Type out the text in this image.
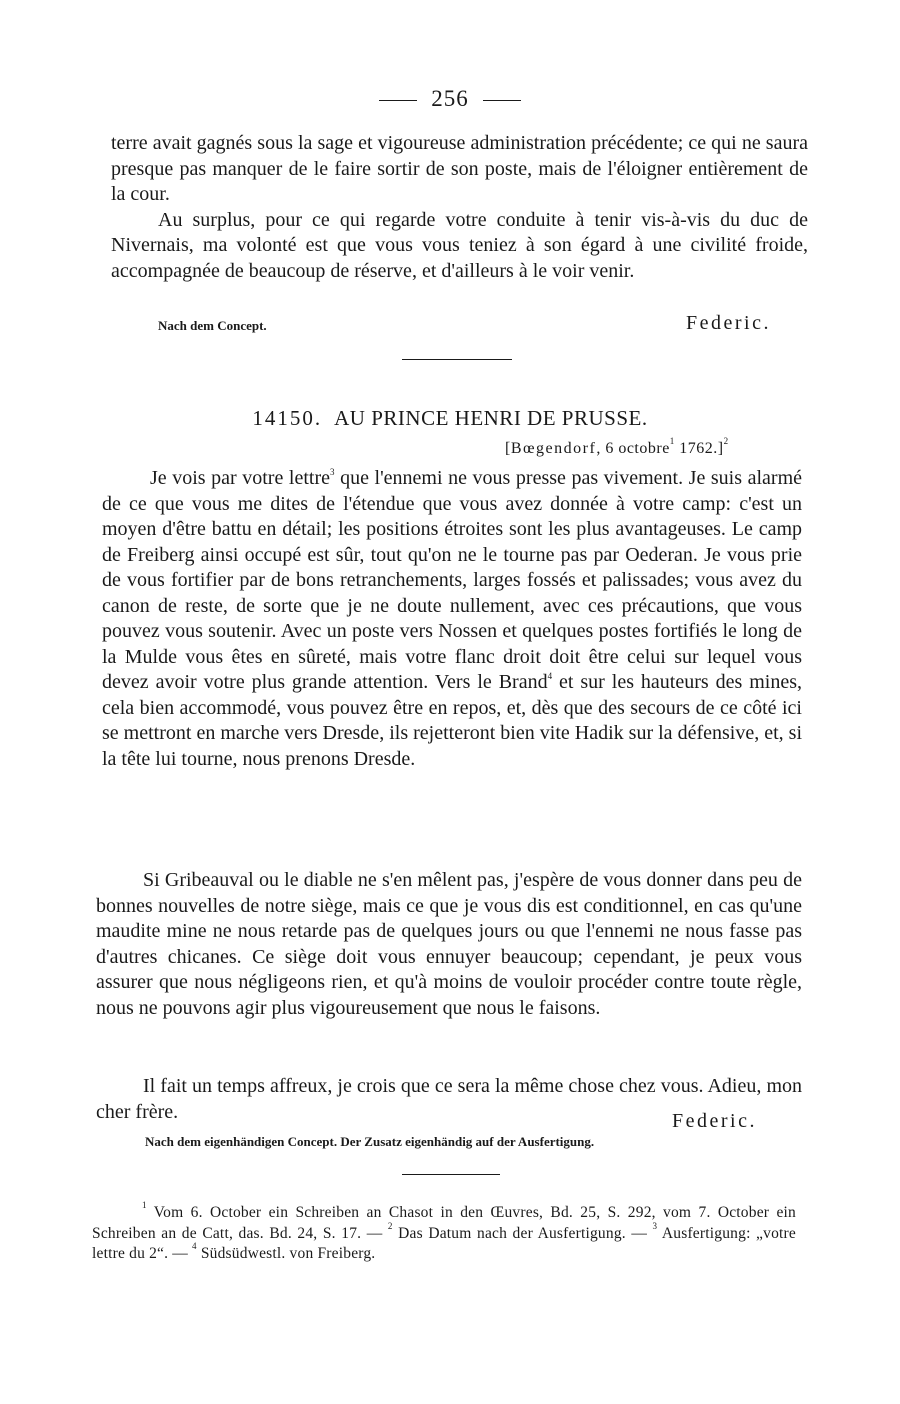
256

terre avait gagnés sous la sage et vigoureuse administration précédente; ce qui ne saura presque pas manquer de le faire sortir de son poste, mais de l'éloigner entièrement de la cour.

Au surplus, pour ce qui regarde votre conduite à tenir vis-à-vis du duc de Nivernais, ma volonté est que vous vous teniez à son égard à une civilité froide, accompagnée de beaucoup de réserve, et d'ailleurs à le voir venir.

Nach dem Concept.	Federic.
14150. AU PRINCE HENRI DE PRUSSE.
[Bœgendorf, 6 octobre$^1$ 1762.]$^2$

Je vois par votre lettre$^3$ que l'ennemi ne vous presse pas vivement. Je suis alarmé de ce que vous me dites de l'étendue que vous avez donnée à votre camp: c'est un moyen d'être battu en détail; les positions étroites sont les plus avantageuses. Le camp de Freiberg ainsi occupé est sûr, tout qu'on ne le tourne pas par Oederan. Je vous prie de vous fortifier par de bons retranchements, larges fossés et palissades; vous avez du canon de reste, de sorte que je ne doute nullement, avec ces précautions, que vous pouvez vous soutenir. Avec un poste vers Nossen et quelques postes fortifiés le long de la Mulde vous êtes en sûreté, mais votre flanc droit doit être celui sur lequel vous devez avoir votre plus grande attention. Vers le Brand$^4$ et sur les hauteurs des mines, cela bien accommodé, vous pouvez être en repos, et, dès que des secours de ce côté ici se mettront en marche vers Dresde, ils rejetteront bien vite Hadik sur la défensive, et, si la tête lui tourne, nous prenons Dresde.

Si Gribeauval ou le diable ne s'en mêlent pas, j'espère de vous donner dans peu de bonnes nouvelles de notre siège, mais ce que je vous dis est conditionnel, en cas qu'une maudite mine ne nous retarde pas de quelques jours ou que l'ennemi ne nous fasse pas d'autres chicanes. Ce siège doit vous ennuyer beaucoup; cependant, je peux vous assurer que nous négligeons rien, et qu'à moins de vouloir procéder contre toute règle, nous ne pouvons agir plus vigoureusement que nous le faisons.

Il fait un temps affreux, je crois que ce sera la même chose chez vous. Adieu, mon cher frère.	Federic.
Nach dem eigenhändigen Concept. Der Zusatz eigenhändig auf der Ausfertigung.

$^1$ Vom 6. October ein Schreiben an Chasot in den Œuvres, Bd. 25, S. 292, vom 7. October ein Schreiben an de Catt, das. Bd. 24, S. 17. — $^2$ Das Datum nach der Ausfertigung. — $^3$ Ausfertigung: „votre lettre du 2“. — $^4$ Südsüdwestl. von Freiberg.
